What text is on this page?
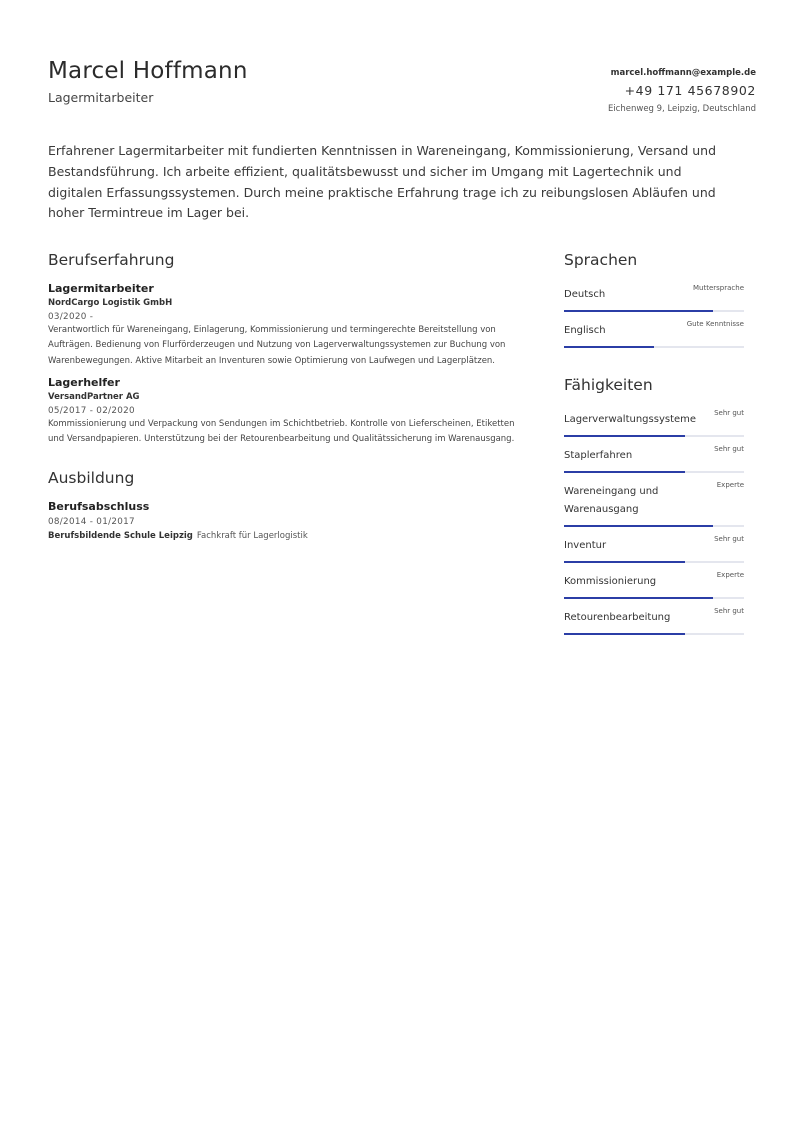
Marcel Hoffmann
Lagermitarbeiter
marcel.hoffmann@example.de
+49 171 45678902
Eichenweg 9, Leipzig, Deutschland

Erfahrener Lagermitarbeiter mit fundierten Kenntnissen in Wareneingang, Kommissionierung, Versand und Bestandsführung. Ich arbeite effizient, qualitätsbewusst und sicher im Umgang mit Lagertechnik und digitalen Erfassungssystemen. Durch meine praktische Erfahrung trage ich zu reibungslosen Abläufen und hoher Termintreue im Lager bei.

Berufserfahrung
Lagermitarbeiter
NordCargo Logistik GmbH
03/2020 -
Verantwortlich für Wareneingang, Einlagerung, Kommissionierung und termingerechte Bereitstellung von Aufträgen. Bedienung von Flurförderzeugen und Nutzung von Lagerverwaltungssystemen zur Buchung von Warenbewegungen. Aktive Mitarbeit an Inventuren sowie Optimierung von Laufwegen und Lagerplätzen.
Lagerhelfer
VersandPartner AG
05/2017 - 02/2020
Kommissionierung und Verpackung von Sendungen im Schichtbetrieb. Kontrolle von Lieferscheinen, Etiketten und Versandpapieren. Unterstützung bei der Retourenbearbeitung und Qualitätssicherung im Warenausgang.
Ausbildung
Berufsabschluss
08/2014 - 01/2017
Berufsbildende Schule Leipzig Fachkraft für Lagerlogistik
Sprachen
Deutsch
Muttersprache
Englisch
Gute Kenntnisse
Fähigkeiten
Lagerverwaltungssysteme
Sehr gut
Staplerfahren
Sehr gut
Wareneingang und Warenausgang
Experte
Inventur
Sehr gut
Kommissionierung
Experte
Retourenbearbeitung
Sehr gut
